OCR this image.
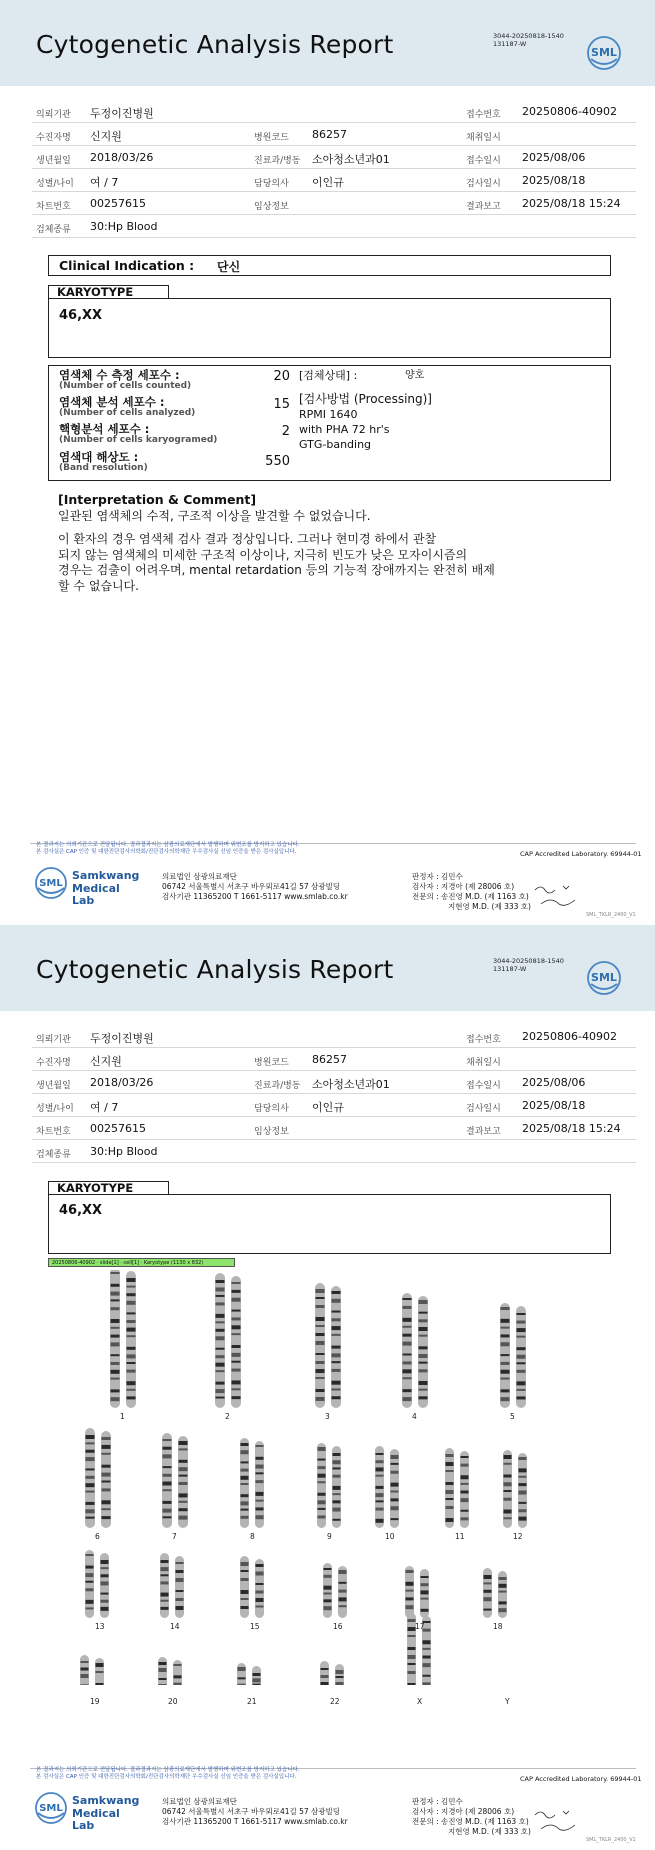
Cytogenetic Analysis Report	3044-20250818-1540
131187-W
SML
의뢰기관 두정이진병원	접수번호 20250806-40902
수진자명 신지원	병원코드 86257	채취일시
생년월일 2018/03/26	진료과/병동 소아청소년과01	접수일시 2025/08/06
성별/나이 여 / 7	담당의사 이인규	검사일시 2025/08/18
차트번호 00257615	임상정보	결과보고 2025/08/18 15:24
검체종류 30:Hp Blood
Clinical Indication : 단신
KARYOTYPE
46,XX
염색체 수 측정 세포수 :
(Number of cells counted)
20
염색체 분석 세포수 :
(Number of cells analyzed)
15
핵형분석 세포수 :
(Number of cells karyogramed)
2
염색대 해상도 :
(Band resolution)	550
[검체상태] :	양호
[검사방법 (Processing)]
RPMI 1640
with PHA 72 hr's
GTG-banding
[Interpretation & Comment]
일관된 염색체의 수적, 구조적 이상을 발견할 수 없었습니다.
이 환자의 경우 염색체 검사 결과 정상입니다. 그러나 현미경 하에서 관찰
되지 않는 염색체의 미세한 구조적 이상이나, 지극히 빈도가 낮은 모자이시즘의
경우는 검출이 어려우며, mental retardation 등의 기능적 장애까지는 완전히 배제
할 수 없습니다.
본 결과지는 의뢰기관으로 전달됩니다. 결과결과지는 삼광의료재단에서 발행하며 위변조를 방지하고 있습니다.
본 검사실은 CAP 인증 및 대한진단검사의학회/진단검사의학재단 우수검사실 신임 인증을 받은 검사실입니다.	CAP Accredited Laboratory. 69944-01
SML
Samkwang
Medical Lab
의료법인 삼광의료재단
06742 서울특별시 서초구 바우뫼로41길 57 삼광빌딩
검사기관 11365200 T 1661-5117 www.smlab.co.kr
판정자 : 김민수
검사자 : 지경아 (제 28006 호)
전문의 : 송진영 M.D. (제 1163 호)
지현영 M.D. (제 333 호)
SML_TKLR_2400_V1
Cytogenetic Analysis Report	3044-20250818-1540
131187-W
SML
의뢰기관 두정이진병원	접수번호 20250806-40902
수진자명 신지원	병원코드 86257	채취일시
생년월일 2018/03/26	진료과/병동 소아청소년과01	접수일시 2025/08/06
성별/나이 여 / 7	담당의사 이인규	검사일시 2025/08/18
차트번호 00257615	임상정보	결과보고 2025/08/18 15:24
검체종류 30:Hp Blood
KARYOTYPE
46,XX
20250806-40902 · slide[1] · cell[1] · Karyotype (1130 x 832)
1	2	3	4	5
6	7	8	9	10	11	12
13	14	15	16	17	18
19	20	21	22	X	Y
본 결과지는 의뢰기관으로 전달됩니다. 결과결과지는 삼광의료재단에서 발행하며 위변조를 방지하고 있습니다.
본 검사실은 CAP 인증 및 대한진단검사의학회/진단검사의학재단 우수검사실 신임 인증을 받은 검사실입니다.	CAP Accredited Laboratory. 69944-01
SML
Samkwang
Medical Lab
의료법인 삼광의료재단
06742 서울특별시 서초구 바우뫼로41길 57 삼광빌딩
검사기관 11365200 T 1661-5117 www.smlab.co.kr
판정자 : 김민수
검사자 : 지경아 (제 28006 호)
전문의 : 송진영 M.D. (제 1163 호)
지현영 M.D. (제 333 호)
SML_TKLR_2400_V1
